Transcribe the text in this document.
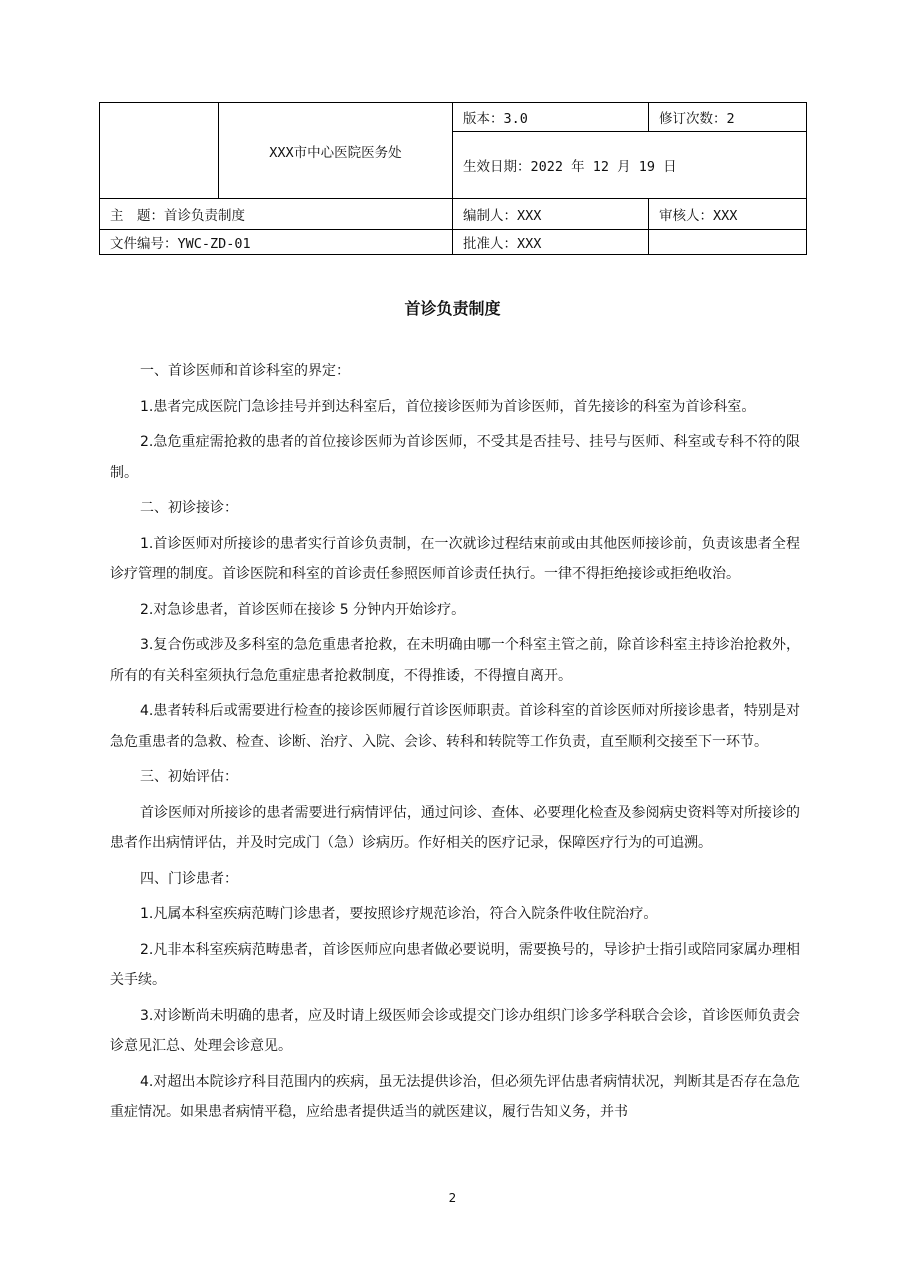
	XXX市中心医院医务处	版本：3.0	修订次数：2
		生效日期：2022 年 12 月 19 日	
主　题：首诊负责制度		编制人：XXX	审核人：XXX
文件编号：YWC-ZD-01		批准人：XXX	
首诊负责制度

一、首诊医师和首诊科室的界定：

1.患者完成医院门急诊挂号并到达科室后，首位接诊医师为首诊医师，首先接诊的科室为首诊科室。

2.急危重症需抢救的患者的首位接诊医师为首诊医师，不受其是否挂号、挂号与医师、科室或专科不符的限制。

二、初诊接诊：

1.首诊医师对所接诊的患者实行首诊负责制，在一次就诊过程结束前或由其他医师接诊前，负责该患者全程诊疗管理的制度。首诊医院和科室的首诊责任参照医师首诊责任执行。一律不得拒绝接诊或拒绝收治。

2.对急诊患者，首诊医师在接诊 5 分钟内开始诊疗。

3.复合伤或涉及多科室的急危重患者抢救，在未明确由哪一个科室主管之前，除首诊科室主持诊治抢救外，所有的有关科室须执行急危重症患者抢救制度，不得推诿，不得擅自离开。

4.患者转科后或需要进行检查的接诊医师履行首诊医师职责。首诊科室的首诊医师对所接诊患者，特别是对急危重患者的急救、检查、诊断、治疗、入院、会诊、转科和转院等工作负责，直至顺利交接至下一环节。

三、初始评估：

首诊医师对所接诊的患者需要进行病情评估，通过问诊、查体、必要理化检查及参阅病史资料等对所接诊的患者作出病情评估，并及时完成门（急）诊病历。作好相关的医疗记录，保障医疗行为的可追溯。

四、门诊患者：

1.凡属本科室疾病范畴门诊患者，要按照诊疗规范诊治，符合入院条件收住院治疗。

2.凡非本科室疾病范畴患者，首诊医师应向患者做必要说明，需要换号的，导诊护士指引或陪同家属办理相关手续。

3.对诊断尚未明确的患者，应及时请上级医师会诊或提交门诊办组织门诊多学科联合会诊，首诊医师负责会诊意见汇总、处理会诊意见。

4.对超出本院诊疗科目范围内的疾病，虽无法提供诊治，但必须先评估患者病情状况，判断其是否存在急危重症情况。如果患者病情平稳，应给患者提供适当的就医建议，履行告知义务，并书

2
